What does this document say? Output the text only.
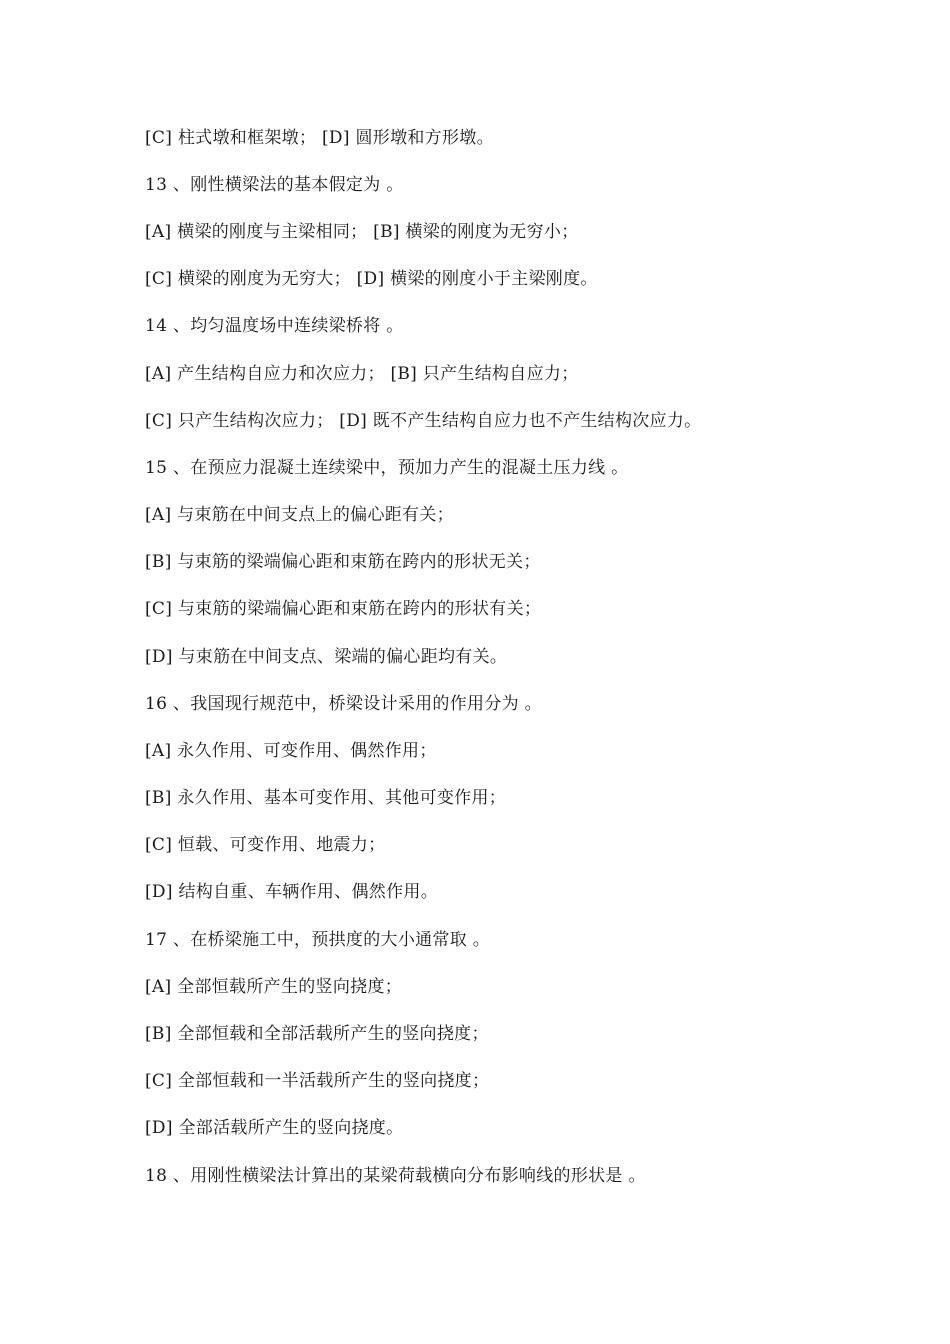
[C] 柱式墩和框架墩； [D] 圆形墩和方形墩。
13 、刚性横梁法的基本假定为 。
[A] 横梁的刚度与主梁相同； [B] 横梁的刚度为无穷小；
[C] 横梁的刚度为无穷大； [D] 横梁的刚度小于主梁刚度。
14 、均匀温度场中连续梁桥将 。
[A] 产生结构自应力和次应力； [B] 只产生结构自应力；
[C] 只产生结构次应力； [D] 既不产生结构自应力也不产生结构次应力。
15 、在预应力混凝土连续梁中，预加力产生的混凝土压力线 。
[A] 与束筋在中间支点上的偏心距有关；
[B] 与束筋的梁端偏心距和束筋在跨内的形状无关；
[C] 与束筋的梁端偏心距和束筋在跨内的形状有关；
[D] 与束筋在中间支点、梁端的偏心距均有关。
16 、我国现行规范中，桥梁设计采用的作用分为 。
[A] 永久作用、可变作用、偶然作用；
[B] 永久作用、基本可变作用、其他可变作用；
[C] 恒载、可变作用、地震力；
[D] 结构自重、车辆作用、偶然作用。
17 、在桥梁施工中，预拱度的大小通常取 。
[A] 全部恒载所产生的竖向挠度；
[B] 全部恒载和全部活载所产生的竖向挠度；
[C] 全部恒载和一半活载所产生的竖向挠度；
[D] 全部活载所产生的竖向挠度。
18 、用刚性横梁法计算出的某梁荷载横向分布影响线的形状是 。
